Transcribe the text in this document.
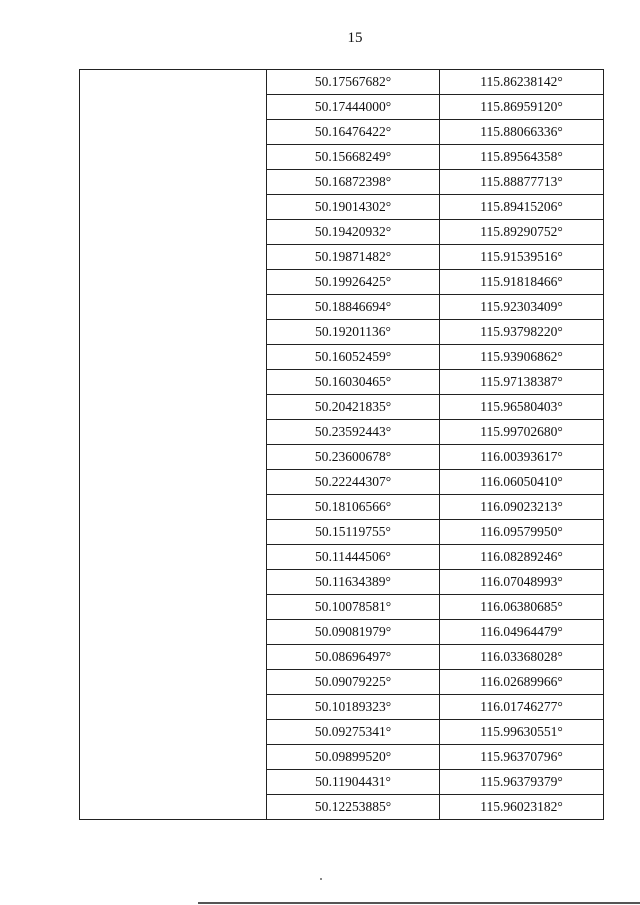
15
	50.17567682°	115.86238142°
	50.17444000°	115.86959120°
	50.16476422°	115.88066336°
	50.15668249°	115.89564358°
	50.16872398°	115.88877713°
	50.19014302°	115.89415206°
	50.19420932°	115.89290752°
	50.19871482°	115.91539516°
	50.19926425°	115.91818466°
	50.18846694°	115.92303409°
	50.19201136°	115.93798220°
	50.16052459°	115.93906862°
	50.16030465°	115.97138387°
	50.20421835°	115.96580403°
	50.23592443°	115.99702680°
	50.23600678°	116.00393617°
	50.22244307°	116.06050410°
	50.18106566°	116.09023213°
	50.15119755°	116.09579950°
	50.11444506°	116.08289246°
	50.11634389°	116.07048993°
	50.10078581°	116.06380685°
	50.09081979°	116.04964479°
	50.08696497°	116.03368028°
	50.09079225°	116.02689966°
	50.10189323°	116.01746277°
	50.09275341°	115.99630551°
	50.09899520°	115.96370796°
	50.11904431°	115.96379379°
	50.12253885°	115.96023182°
